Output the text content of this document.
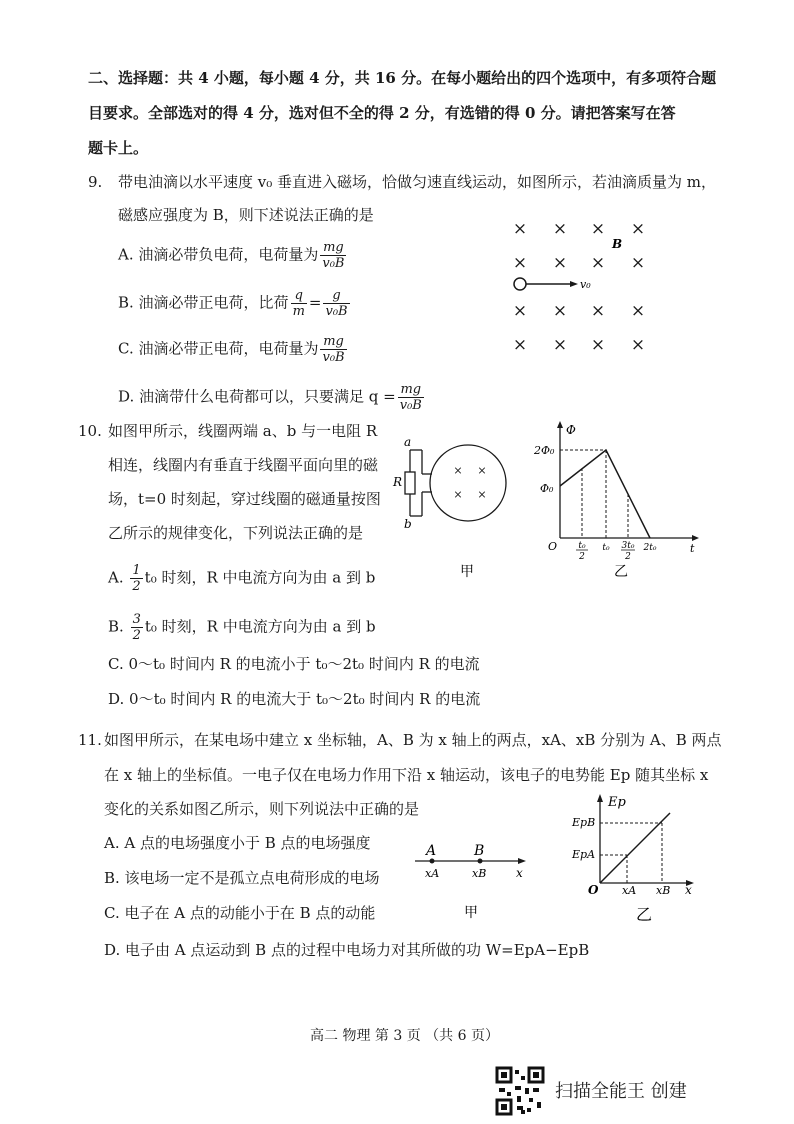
二、选择题：共 4 小题，每小题 4 分，共 16 分。在每小题给出的四个选项中，有多项符合题
目要求。全部选对的得 4 分，选对但不全的得 2 分，有选错的得 0 分。请把答案写在答
题卡上。
9. 带电油滴以水平速度 v₀ 垂直进入磁场，恰做匀速直线运动，如图所示，若油滴质量为 m，
磁感应强度为 B，则下述说法正确的是
A. 油滴必带负电荷，电荷量为 $\frac{mg}{\text{v₀B}}$
B. 油滴必带正电荷，比荷 $\frac{q}{m} = \frac{g}{\text{v₀B}}$
C. 油滴必带正电荷，电荷量为 $\frac{mg}{\text{v₀B}}$
D. 油滴带什么电荷都可以，只要满足 $q = \frac{mg}{\text{v₀B}}$
× × × ×
× × × ×
× × × ×
× × × ×
B
v₀
10. 如图甲所示，线圈两端 a、b 与一电阻 R
相连，线圈内有垂直于线圈平面向里的磁
场，t=0 时刻起，穿过线圈的磁通量按图
乙所示的规律变化，下列说法正确的是
A. $\frac{1}{2} t_0$ 时刻，R 中电流方向为由 a 到 b
B. $\frac{3}{2} t_0$ 时刻，R 中电流方向为由 a 到 b
C. 0～t₀ 时间内 R 的电流小于 t₀～2t₀ 时间内 R 的电流
D. 0～t₀ 时间内 R 的电流大于 t₀～2t₀ 时间内 R 的电流
a
b
R
× ×
× ×
甲
Φ
2Φ₀
Φ₀
O	t
t₀
2
t₀ 3t₀
2
2t₀
乙
11. 如图甲所示，在某电场中建立 x 坐标轴，A、B 为 x 轴上的两点，xA、xB 分别为 A、B 两点
在 x 轴上的坐标值。一电子仅在电场力作用下沿 x 轴运动，该电子的电势能 Ep 随其坐标 x
变化的关系如图乙所示，则下列说法中正确的是
A. A 点的电场强度小于 B 点的电场强度
B. 该电场一定不是孤立点电荷形成的电场
C. 电子在 A 点的动能小于在 B 点的动能
D. 电子由 A 点运动到 B 点的过程中电场力对其所做的功 W=EpA−EpB
A	B
xA	xB x
甲
Ep
EpB
EpA
O xA xB x
乙
高二 物理 第 3 页 （共 6 页）
扫描全能王 创建
